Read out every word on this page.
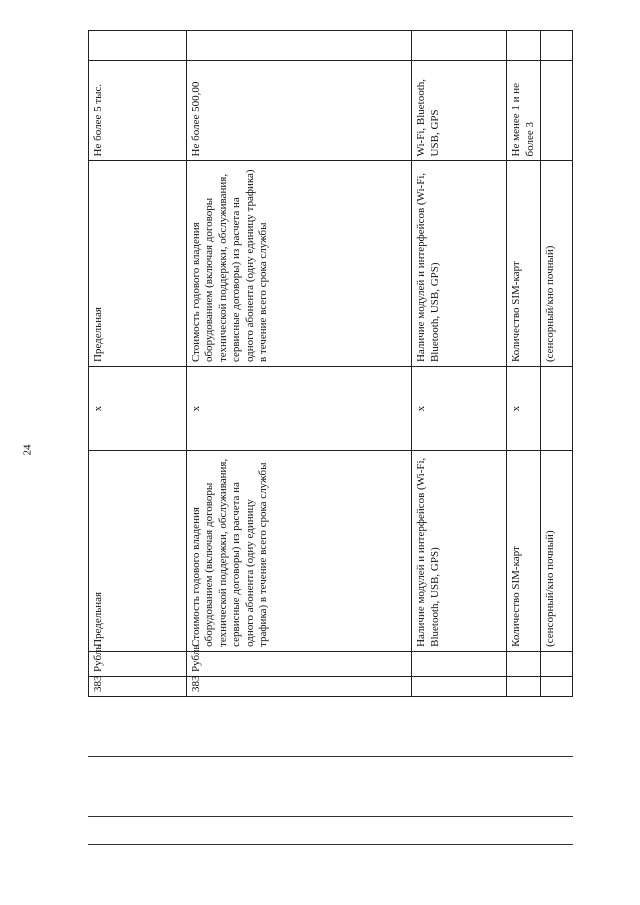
24
383	Рубль	Предельная	x	Предельная	Не более 5 тыс.	
383	Рубль	Стоимость годового владения оборудованием (включая договоры технической поддержки, обслуживания, сервисные договоры) из расчета на одного абонента (одну единицу трафика) в течение всего срока службы	x	Стоимость годового владения оборудованием (включая договоры технической поддержки, обслуживания, сервисные договоры) из расчета на одного абонента (одну единицу трафика) в течение всего срока службы	Не более 500,00	
		Наличие модулей и интерфейсов (Wi-Fi, Bluetooth, USB, GPS)	x	Наличие модулей и интерфейсов (Wi-Fi, Bluetooth, USB, GPS)	Wi-Fi, Bluetooth, USB, GPS	
		Количество SIM-карт	x	Количество SIM-карт	Не менее 1 и не более 3	
		(сенсорный/кно почный)		(сенсорный/кно почный)		
